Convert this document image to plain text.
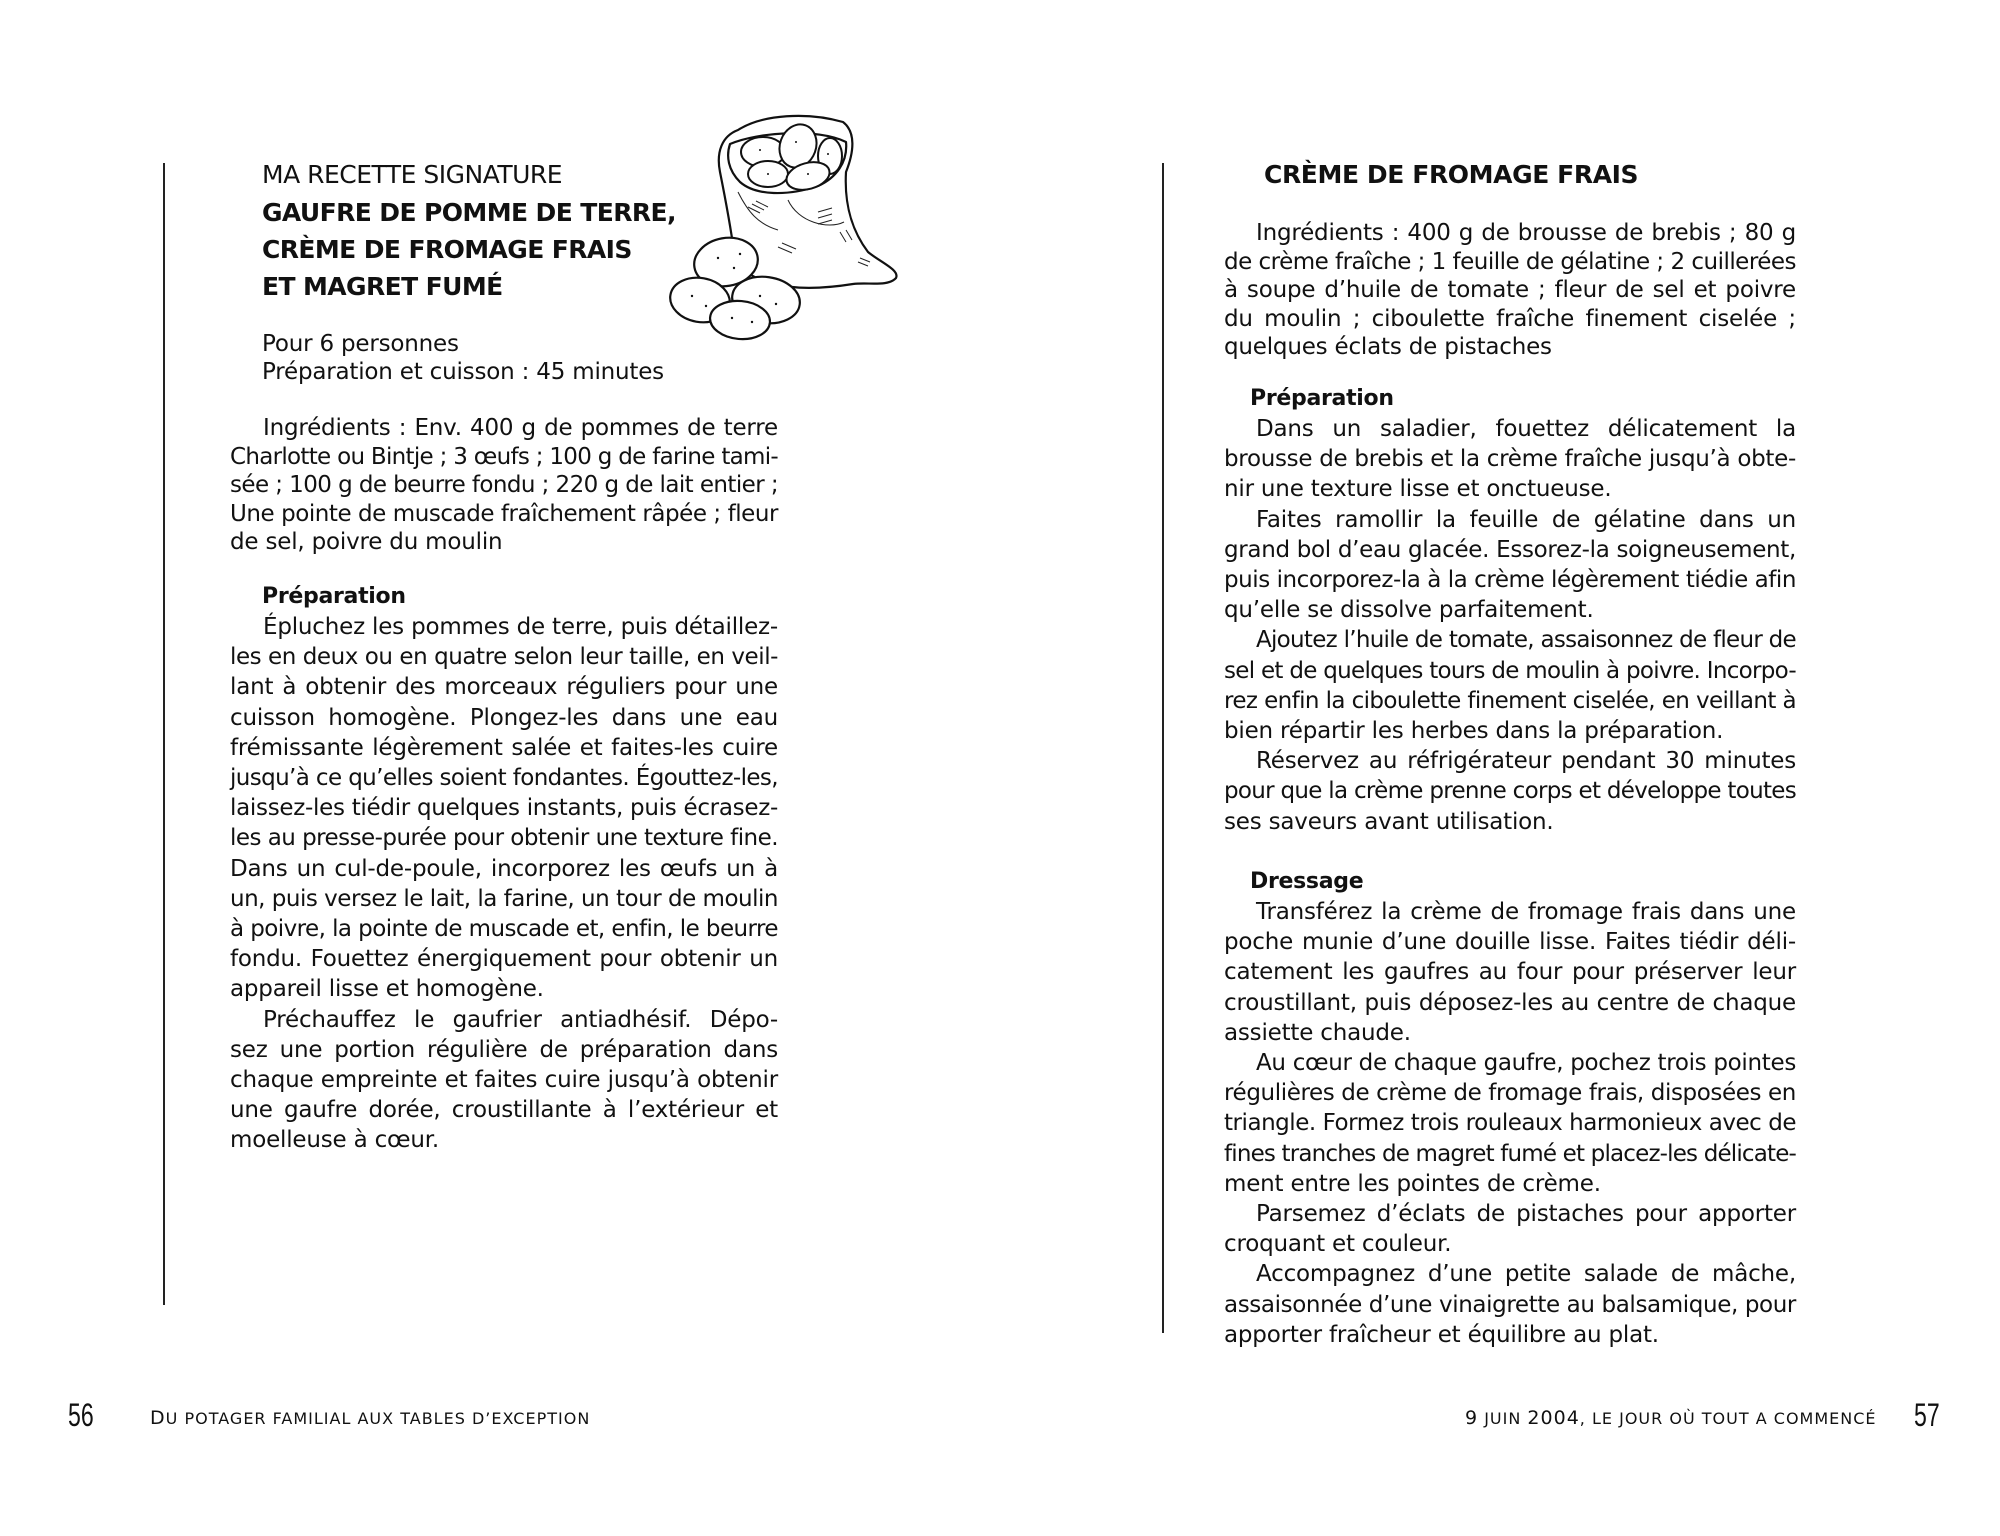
MA RECETTE SIGNATURE
GAUFRE DE POMME DE TERRE,
CRÈME DE FROMAGE FRAIS
ET MAGRET FUMÉ
Pour 6 personnes
Préparation et cuisson : 45 minutes
Ingrédients : Env. 400 g de pommes de terre
Charlotte ou Bintje ; 3 œufs ; 100 g de farine tami-
sée ; 100 g de beurre fondu ; 220 g de lait entier ;
Une pointe de muscade fraîchement râpée ; fleur
de sel, poivre du moulin
Préparation
Épluchez les pommes de terre, puis détaillez-
les en deux ou en quatre selon leur taille, en veil-
lant à obtenir des morceaux réguliers pour une
cuisson homogène. Plongez-les dans une eau
frémissante légèrement salée et faites-les cuire
jusqu’à ce qu’elles soient fondantes. Égouttez-les,
laissez-les tiédir quelques instants, puis écrasez-
les au presse-purée pour obtenir une texture fine.
Dans un cul-de-poule, incorporez les œufs un à
un, puis versez le lait, la farine, un tour de moulin
à poivre, la pointe de muscade et, enfin, le beurre
fondu. Fouettez énergiquement pour obtenir un
appareil lisse et homogène.
Préchauffez le gaufrier antiadhésif. Dépo-
sez une portion régulière de préparation dans
chaque empreinte et faites cuire jusqu’à obtenir
une gaufre dorée, croustillante à l’extérieur et
moelleuse à cœur.
56	DU POTAGER FAMILIAL AUX TABLES D’EXCEPTION
CRÈME DE FROMAGE FRAIS
Ingrédients : 400 g de brousse de brebis ; 80 g
de crème fraîche ; 1 feuille de gélatine ; 2 cuillerées
à soupe d’huile de tomate ; fleur de sel et poivre
du moulin ; ciboulette fraîche finement ciselée ;
quelques éclats de pistaches
Préparation
Dans un saladier, fouettez délicatement la
brousse de brebis et la crème fraîche jusqu’à obte-
nir une texture lisse et onctueuse.
Faites ramollir la feuille de gélatine dans un
grand bol d’eau glacée. Essorez-la soigneusement,
puis incorporez-la à la crème légèrement tiédie afin
qu’elle se dissolve parfaitement.
Ajoutez l’huile de tomate, assaisonnez de fleur de
sel et de quelques tours de moulin à poivre. Incorpo-
rez enfin la ciboulette finement ciselée, en veillant à
bien répartir les herbes dans la préparation.
Réservez au réfrigérateur pendant 30 minutes
pour que la crème prenne corps et développe toutes
ses saveurs avant utilisation.
Dressage
Transférez la crème de fromage frais dans une
poche munie d’une douille lisse. Faites tiédir déli-
catement les gaufres au four pour préserver leur
croustillant, puis déposez-les au centre de chaque
assiette chaude.
Au cœur de chaque gaufre, pochez trois pointes
régulières de crème de fromage frais, disposées en
triangle. Formez trois rouleaux harmonieux avec de
fines tranches de magret fumé et placez-les délicate-
ment entre les pointes de crème.
Parsemez d’éclats de pistaches pour apporter
croquant et couleur.
Accompagnez d’une petite salade de mâche,
assaisonnée d’une vinaigrette au balsamique, pour
apporter fraîcheur et équilibre au plat.
9 JUIN 2004, LE JOUR OÙ TOUT A COMMENCÉ 57
